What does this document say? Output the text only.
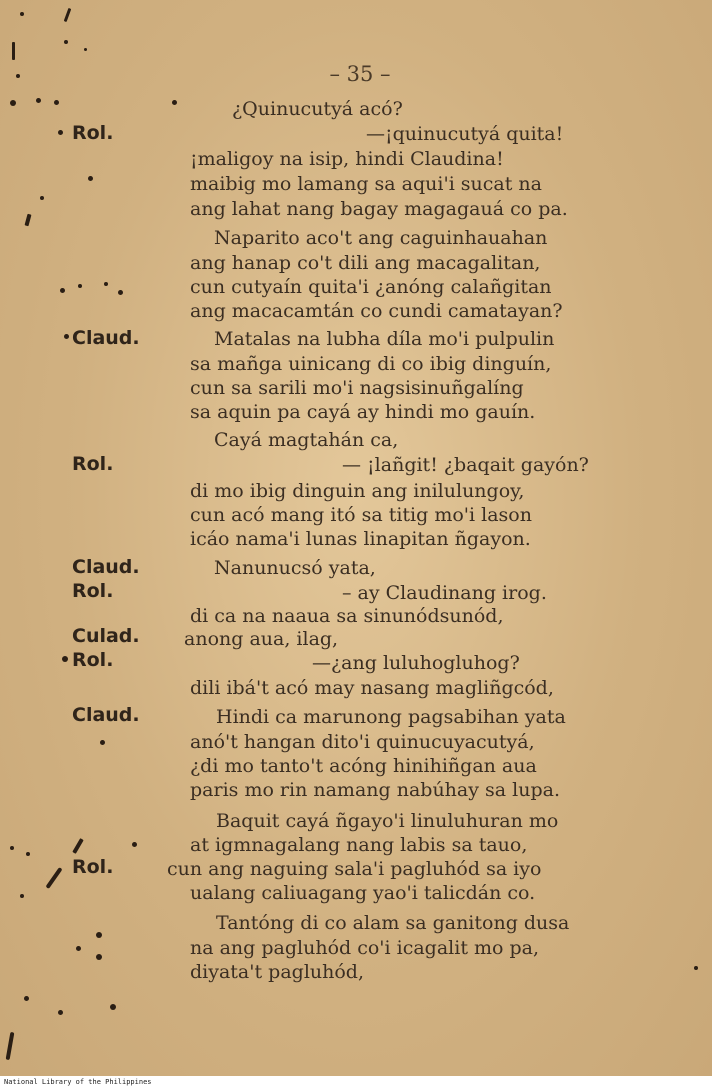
– 35 –
Rol.
Claud.
Rol.
Claud.
Rol.
Culad.
Rol.
Claud.
Rol.
¿Quinucutyá acó?
—¡quinucutyá quita!
¡maligoy na isip, hindi Claudina!
maibig mo lamang sa aqui'i sucat na
ang lahat nang bagay magagauá co pa.
Naparito aco't ang caguinhauahan
ang hanap co't dili ang macagalitan,
cun cutyaín quita'i ¿anóng calañgitan
ang macacamtán co cundi camatayan?
Matalas na lubha díla mo'i pulpulin
sa mañga uinicang di co ibig dinguín,
cun sa sarili mo'i nagsisinuñgalíng
sa aquin pa cayá ay hindi mo gauín.
Cayá magtahán ca,
— ¡lañgit! ¿baqait gayón?
di mo ibig dinguin ang inilulungoy,
cun acó mang itó sa titig mo'i lason
icáo nama'i lunas linapitan ñgayon.
Nanunucsó yata,
– ay Claudinang irog.
di ca na naaua sa sinunódsunód,
anong aua, ilag,
—¿ang luluhogluhog?
dili ibá't acó may nasang magliñgcód,
Hindi ca marunong pagsabihan yata
anó't hangan dito'i quinucuyacutyá,
¿di mo tanto't acóng hinihiñgan aua
paris mo rin namang nabúhay sa lupa.
Baquit cayá ñgayo'i linuluhuran mo
at igmnagalang nang labis sa tauo,
cun ang naguing sala'i pagluhód sa iyo
ualang caliuagang yao'i talicdán co.
Tantóng di co alam sa ganitong dusa
na ang pagluhód co'i icagalit mo pa,
diyata't pagluhód,
National Library of the Philippines
